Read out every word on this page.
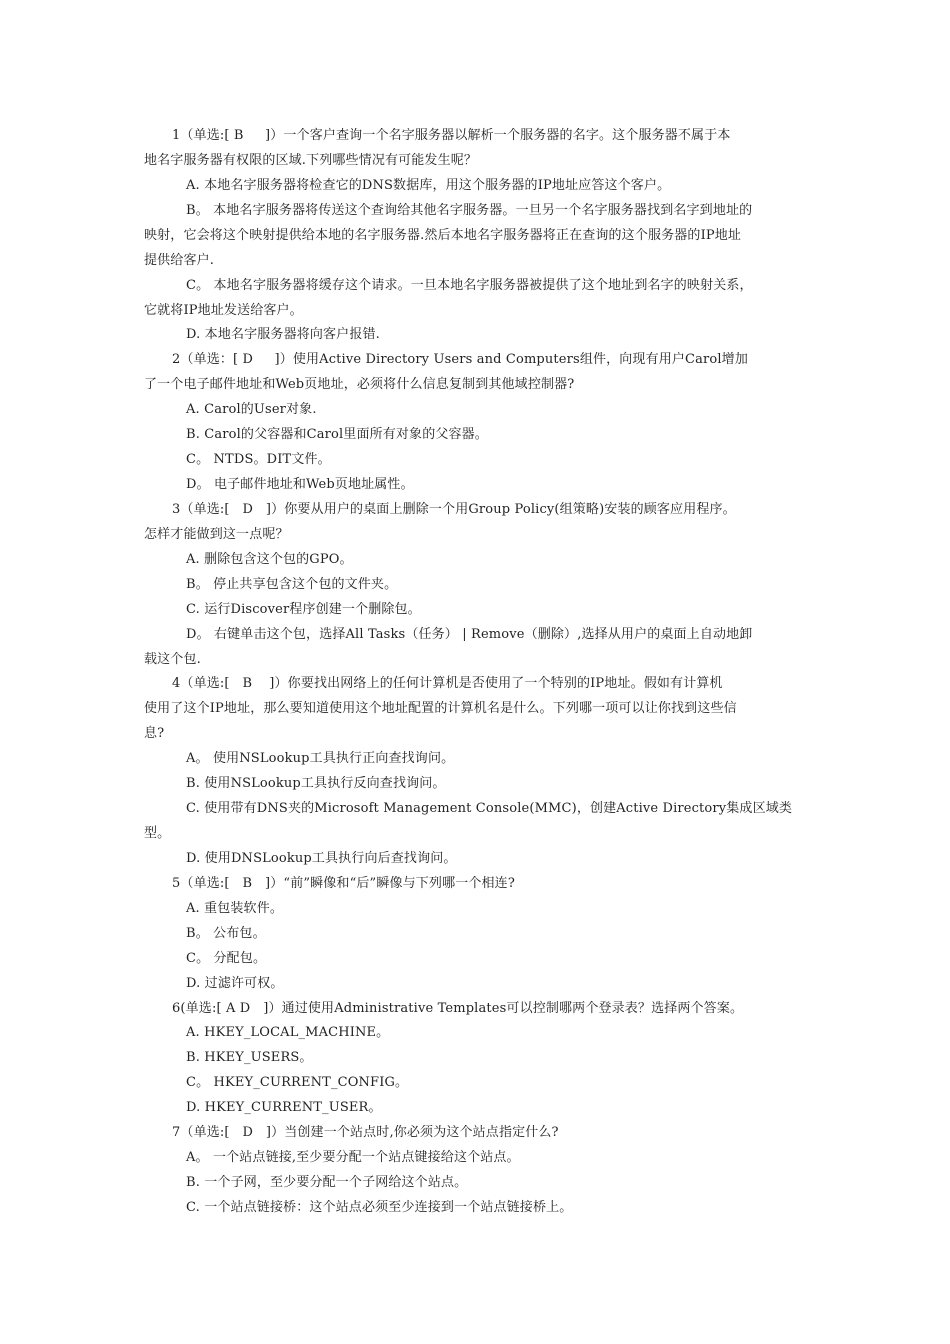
1（单选:[ B     ]）一个客户查询一个名字服务器以解析一个服务器的名字。这个服务器不属于本
地名字服务器有权限的区域.下列哪些情况有可能发生呢？
A. 本地名字服务器将检查它的DNS数据库，用这个服务器的IP地址应答这个客户。
B。 本地名字服务器将传送这个查询给其他名字服务器。一旦另一个名字服务器找到名字到地址的
映射，它会将这个映射提供给本地的名字服务器.然后本地名字服务器将正在查询的这个服务器的IP地址
提供给客户.
C。 本地名字服务器将缓存这个请求。一旦本地名字服务器被提供了这个地址到名字的映射关系，
它就将IP地址发送给客户。
D. 本地名字服务器将向客户报错.
2（单选：[ D     ]）使用Active Directory Users and Computers组件，向现有用户Carol增加
了一个电子邮件地址和Web页地址，必须将什么信息复制到其他域控制器?
A. Carol的User对象.
B. Carol的父容器和Carol里面所有对象的父容器。
C。 NTDS。DIT文件。
D。 电子邮件地址和Web页地址属性。
3（单选:[   D   ]）你要从用户的桌面上删除一个用Group Policy(组策略)安装的顾客应用程序。
怎样才能做到这一点呢？
A. 删除包含这个包的GPO。
B。 停止共享包含这个包的文件夹。
C. 运行Discover程序创建一个删除包。
D。 右键单击这个包，选择All Tasks（任务） | Remove（删除）,选择从用户的桌面上自动地卸
载这个包.
4（单选:[   B    ]）你要找出网络上的任何计算机是否使用了一个特别的IP地址。假如有计算机
使用了这个IP地址，那么要知道使用这个地址配置的计算机名是什么。下列哪一项可以让你找到这些信
息?
A。 使用NSLookup工具执行正向查找询问。
B. 使用NSLookup工具执行反向查找询问。
C. 使用带有DNS夹的Microsoft Management Console(MMC)，创建Active Directory集成区域类
型。
D. 使用DNSLookup工具执行向后查找询问。
5（单选:[   B   ]）“前”瞬像和“后”瞬像与下列哪一个相连?
A. 重包装软件。
B。 公布包。
C。 分配包。
D. 过滤许可权。
6(单选:[ A D   ]）通过使用Administrative Templates可以控制哪两个登录表？选择两个答案。
A. HKEY_LOCAL_MACHINE。
B. HKEY_USERS。
C。 HKEY_CURRENT_CONFIG。
D. HKEY_CURRENT_USER。
7（单选:[   D   ]）当创建一个站点时,你必须为这个站点指定什么?
A。 一个站点链接,至少要分配一个站点键接给这个站点。
B. 一个子网，至少要分配一个子网给这个站点。
C. 一个站点链接桥：这个站点必须至少连接到一个站点链接桥上。
